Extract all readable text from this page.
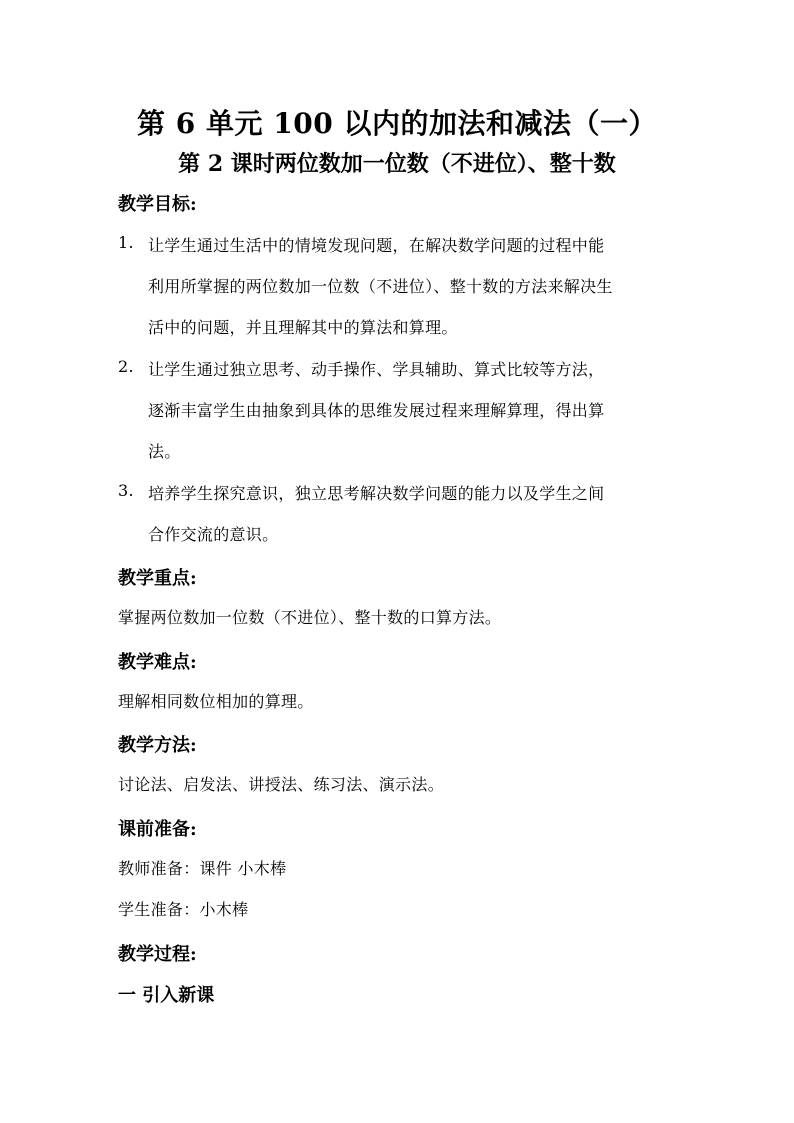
第 6 单元 100 以内的加法和减法（一）
第 2 课时两位数加一位数（不进位）、整十数
教学目标:
1. 让学生通过生活中的情境发现问题，在解决数学问题的过程中能
利用所掌握的两位数加一位数（不进位）、整十数的方法来解决生
活中的问题，并且理解其中的算法和算理。
2. 让学生通过独立思考、动手操作、学具辅助、算式比较等方法，
逐渐丰富学生由抽象到具体的思维发展过程来理解算理，得出算
法。
3. 培养学生探究意识，独立思考解决数学问题的能力以及学生之间
合作交流的意识。
教学重点:
掌握两位数加一位数（不进位）、整十数的口算方法。
教学难点:
理解相同数位相加的算理。
教学方法:
讨论法、启发法、讲授法、练习法、演示法。
课前准备:
教师准备：课件 小木棒
学生准备：小木棒
教学过程:
一 引入新课
